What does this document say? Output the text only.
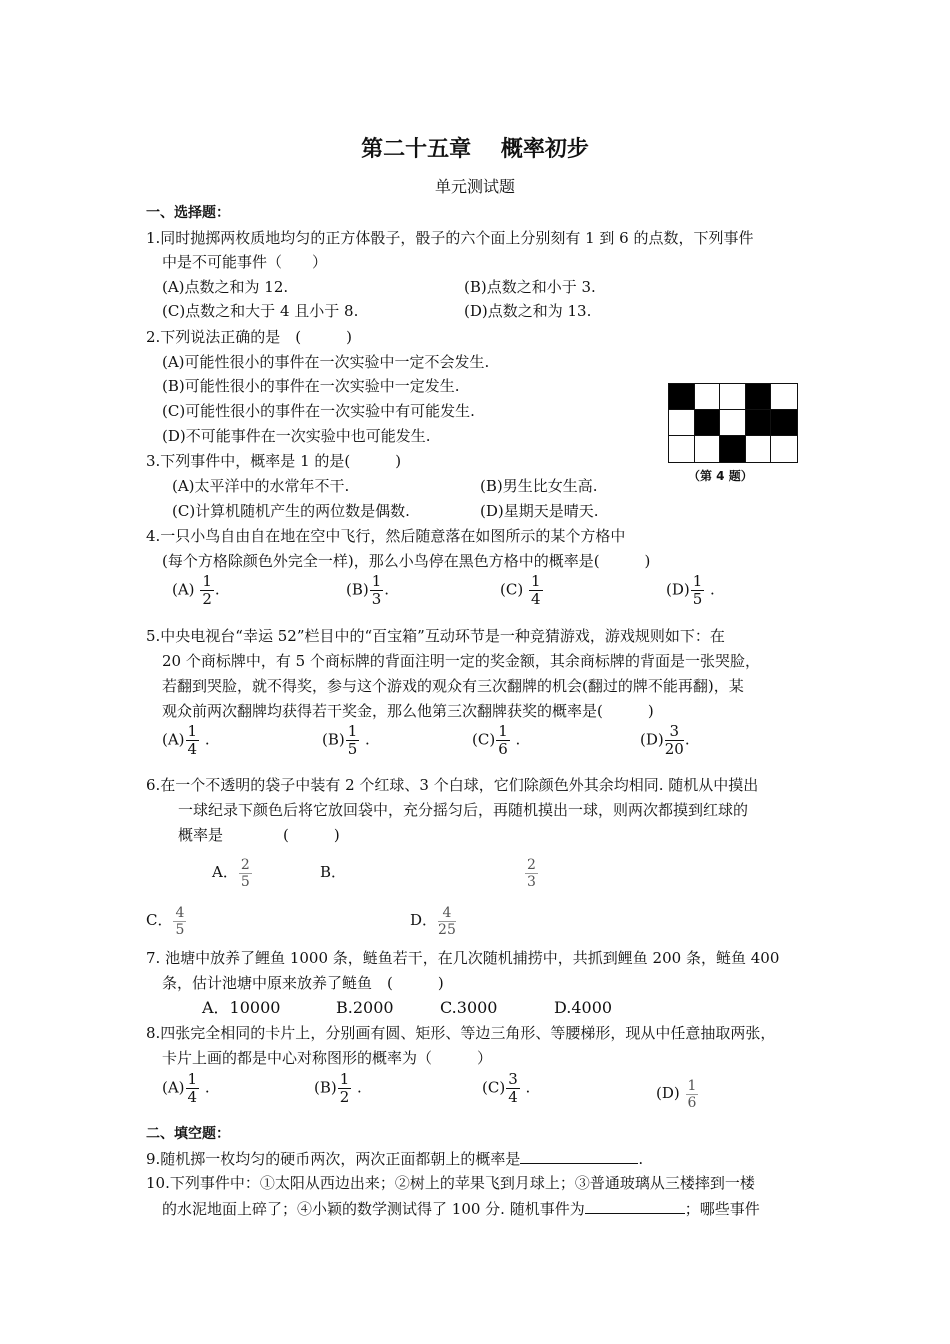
第二十五章　 概率初步
单元测试题
一、选择题：
1.同时抛掷两枚质地均匀的正方体骰子，骰子的六个面上分别刻有 1 到 6 的点数，下列事件
中是不可能事件（　　）
(A)点数之和为 12.	(B)点数之和小于 3.
(C)点数之和大于 4 且小于 8.	(D)点数之和为 13.
2.下列说法正确的是　(　　　)
(A)可能性很小的事件在一次实验中一定不会发生.
(B)可能性很小的事件在一次实验中一定发生.
(C)可能性很小的事件在一次实验中有可能发生.
(D)不可能事件在一次实验中也可能发生.
（第 4 题）
3.下列事件中，概率是 1 的是(　　　)
(A)太平洋中的水常年不干.	(B)男生比女生高.
(C)计算机随机产生的两位数是偶数.	(D)星期天是晴天.
4.一只小鸟自由自在地在空中飞行，然后随意落在如图所示的某个方格中
(每个方格除颜色外完全一样)，那么小鸟停在黑色方格中的概率是(　　　)
$(A) \frac{1}{2}$ .	$(B) \frac{1}{3}$ .	$(C) \frac{1}{4}$	$(D) \frac{1}{5}$ .
5.中央电视台“幸运 52”栏目中的“百宝箱”互动环节是一种竞猜游戏，游戏规则如下：在
20 个商标牌中，有 5 个商标牌的背面注明一定的奖金额，其余商标牌的背面是一张哭脸，
若翻到哭脸，就不得奖，参与这个游戏的观众有三次翻牌的机会(翻过的牌不能再翻)，某
观众前两次翻牌均获得若干奖金，那么他第三次翻牌获奖的概率是(　　　)
$(A) \frac{1}{4}$ .	$(B) \frac{1}{5}$ .	$(C) \frac{1}{6}$ .	$(D) \frac{3}{20}$ .
6.在一个不透明的袋子中装有 2 个红球、3 个白球，它们除颜色外其余均相同. 随机从中摸出
一球纪录下颜色后将它放回袋中，充分摇匀后，再随机摸出一球，则两次都摸到红球的
概率是　　　　(　　　)
A． $\frac{2}{5}$	B．	$\frac{2}{3}$
C． $\frac{4}{5}$	D． $\frac{4}{25}$
7. 池塘中放养了鲤鱼 1000 条，鲢鱼若干，在几次随机捕捞中，共抓到鲤鱼 200 条，鲢鱼 400
条，估计池塘中原来放养了鲢鱼　(　　　)
A．10000	B.2000	C.3000	D.4000
8.四张完全相同的卡片上，分别画有圆、矩形、等边三角形、等腰梯形，现从中任意抽取两张，
卡片上画的都是中心对称图形的概率为（　　　）
$(A) \frac{1}{4}$ .	$(B) \frac{1}{2}$ .	$(C) \frac{3}{4}$ .	$(D) \frac{1}{6}$
二、填空题：
9.随机掷一枚均匀的硬币两次，两次正面都朝上的概率是	.
10.下列事件中：①太阳从西边出来；②树上的苹果飞到月球上；③普通玻璃从三楼摔到一楼
的水泥地面上碎了；④小颖的数学测试得了 100 分. 随机事件为	；哪些事件
